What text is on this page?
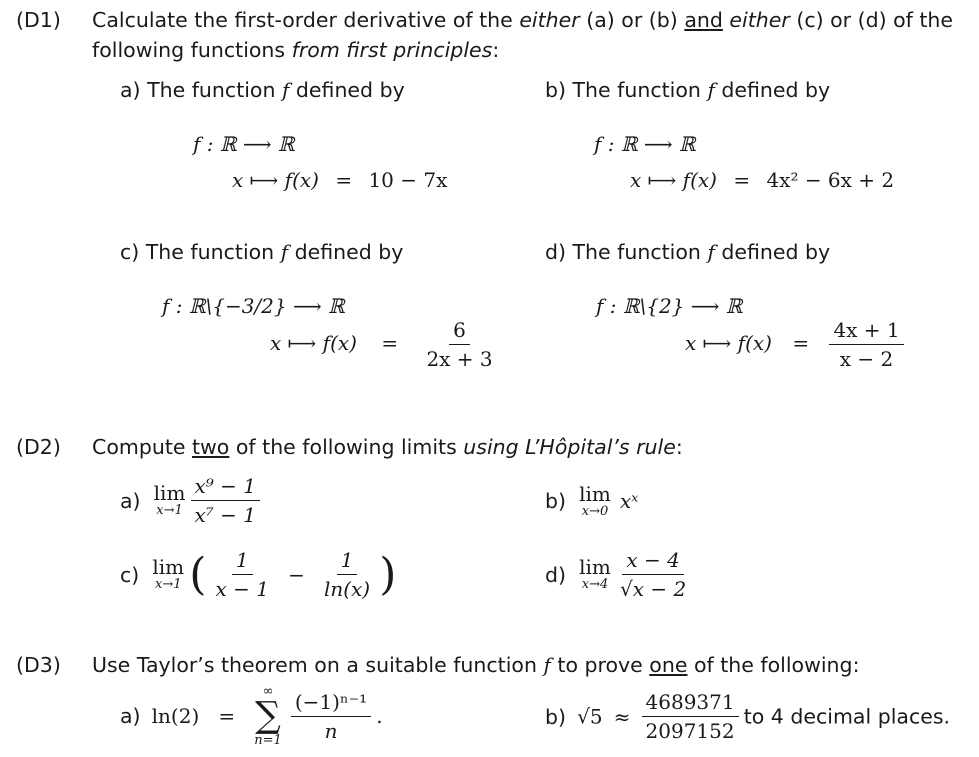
(D1) Calculate the first-order derivative of the either (a) or (b) and either (c) or (d) of the
following functions from first principles:
a) The function f defined by
f : ℝ ⟶ ℝ
x ⟼ f(x) = 10 − 7x
b) The function f defined by
f : ℝ ⟶ ℝ
x ⟼ f(x) = 4x² − 6x + 2
c) The function f defined by
f : ℝ\{−3/2} ⟶ ℝ
x ⟼ $f(x) = \frac{6}{2x + 3}$
d) The function f defined by
f : ℝ\{2} ⟶ ℝ
x ⟼ $f(x) = \frac{4x + 1}{x - 2}$
(D2) Compute two of the following limits using L’Hôpital’s rule:
a) lim
x→1
$\frac{\text{x⁹ − 1}}{\text{x⁷ − 1}}$	b) lim
x→0 xˣ
c) lim
x→1 ( $\frac{1}{x - 1} - \frac{1}{\ln(x)}$ )	d) lim
x→4
$\frac{x - 4}{√x - 2}$
(D3) Use Taylor’s theorem on a suitable function f to prove one of the following:
a) ln(2) =
∞
∑
n=1
$\frac{\text{(−1)ⁿ⁻¹}}{n}$ .	b) $√5 \approx \frac{4689371}{2097152}$ to 4 decimal places.
